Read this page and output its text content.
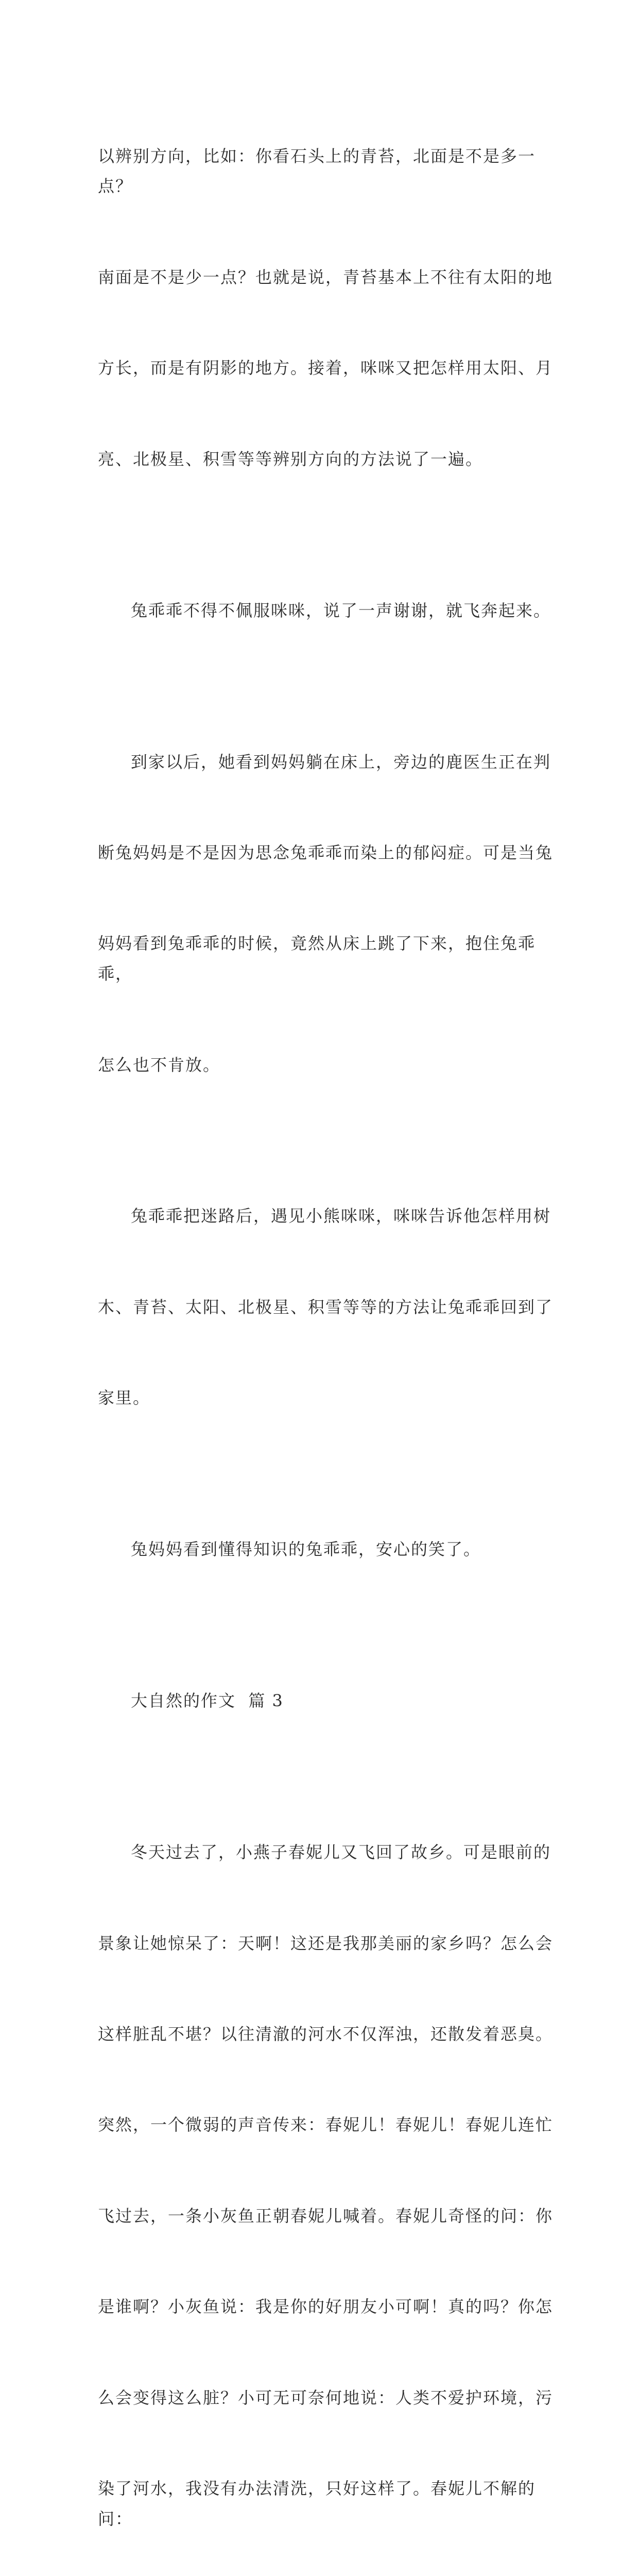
以辨别方向，比如：你看石头上的青苔，北面是不是多一点？

南面是不是少一点？也就是说，青苔基本上不往有太阳的地

方长，而是有阴影的地方。接着，咪咪又把怎样用太阳、月

亮、北极星、积雪等等辨别方向的方法说了一遍。

兔乖乖不得不佩服咪咪，说了一声谢谢，就飞奔起来。

到家以后，她看到妈妈躺在床上，旁边的鹿医生正在判

断兔妈妈是不是因为思念兔乖乖而染上的郁闷症。可是当兔

妈妈看到兔乖乖的时候，竟然从床上跳了下来，抱住兔乖乖，

怎么也不肯放。

兔乖乖把迷路后，遇见小熊咪咪，咪咪告诉他怎样用树

木、青苔、太阳、北极星、积雪等等的方法让兔乖乖回到了

家里。

兔妈妈看到懂得知识的兔乖乖，安心的笑了。

大自然的作文  篇 3

冬天过去了，小燕子春妮儿又飞回了故乡。可是眼前的

景象让她惊呆了：天啊！这还是我那美丽的家乡吗？怎么会

这样脏乱不堪？以往清澈的河水不仅浑浊，还散发着恶臭。

突然，一个微弱的声音传来：春妮儿！春妮儿！春妮儿连忙

飞过去，一条小灰鱼正朝春妮儿喊着。春妮儿奇怪的问：你

是谁啊？小灰鱼说：我是你的好朋友小可啊！真的吗？你怎

么会变得这么脏？小可无可奈何地说：人类不爱护环境，污

染了河水，我没有办法清洗，只好这样了。春妮儿不解的问：
